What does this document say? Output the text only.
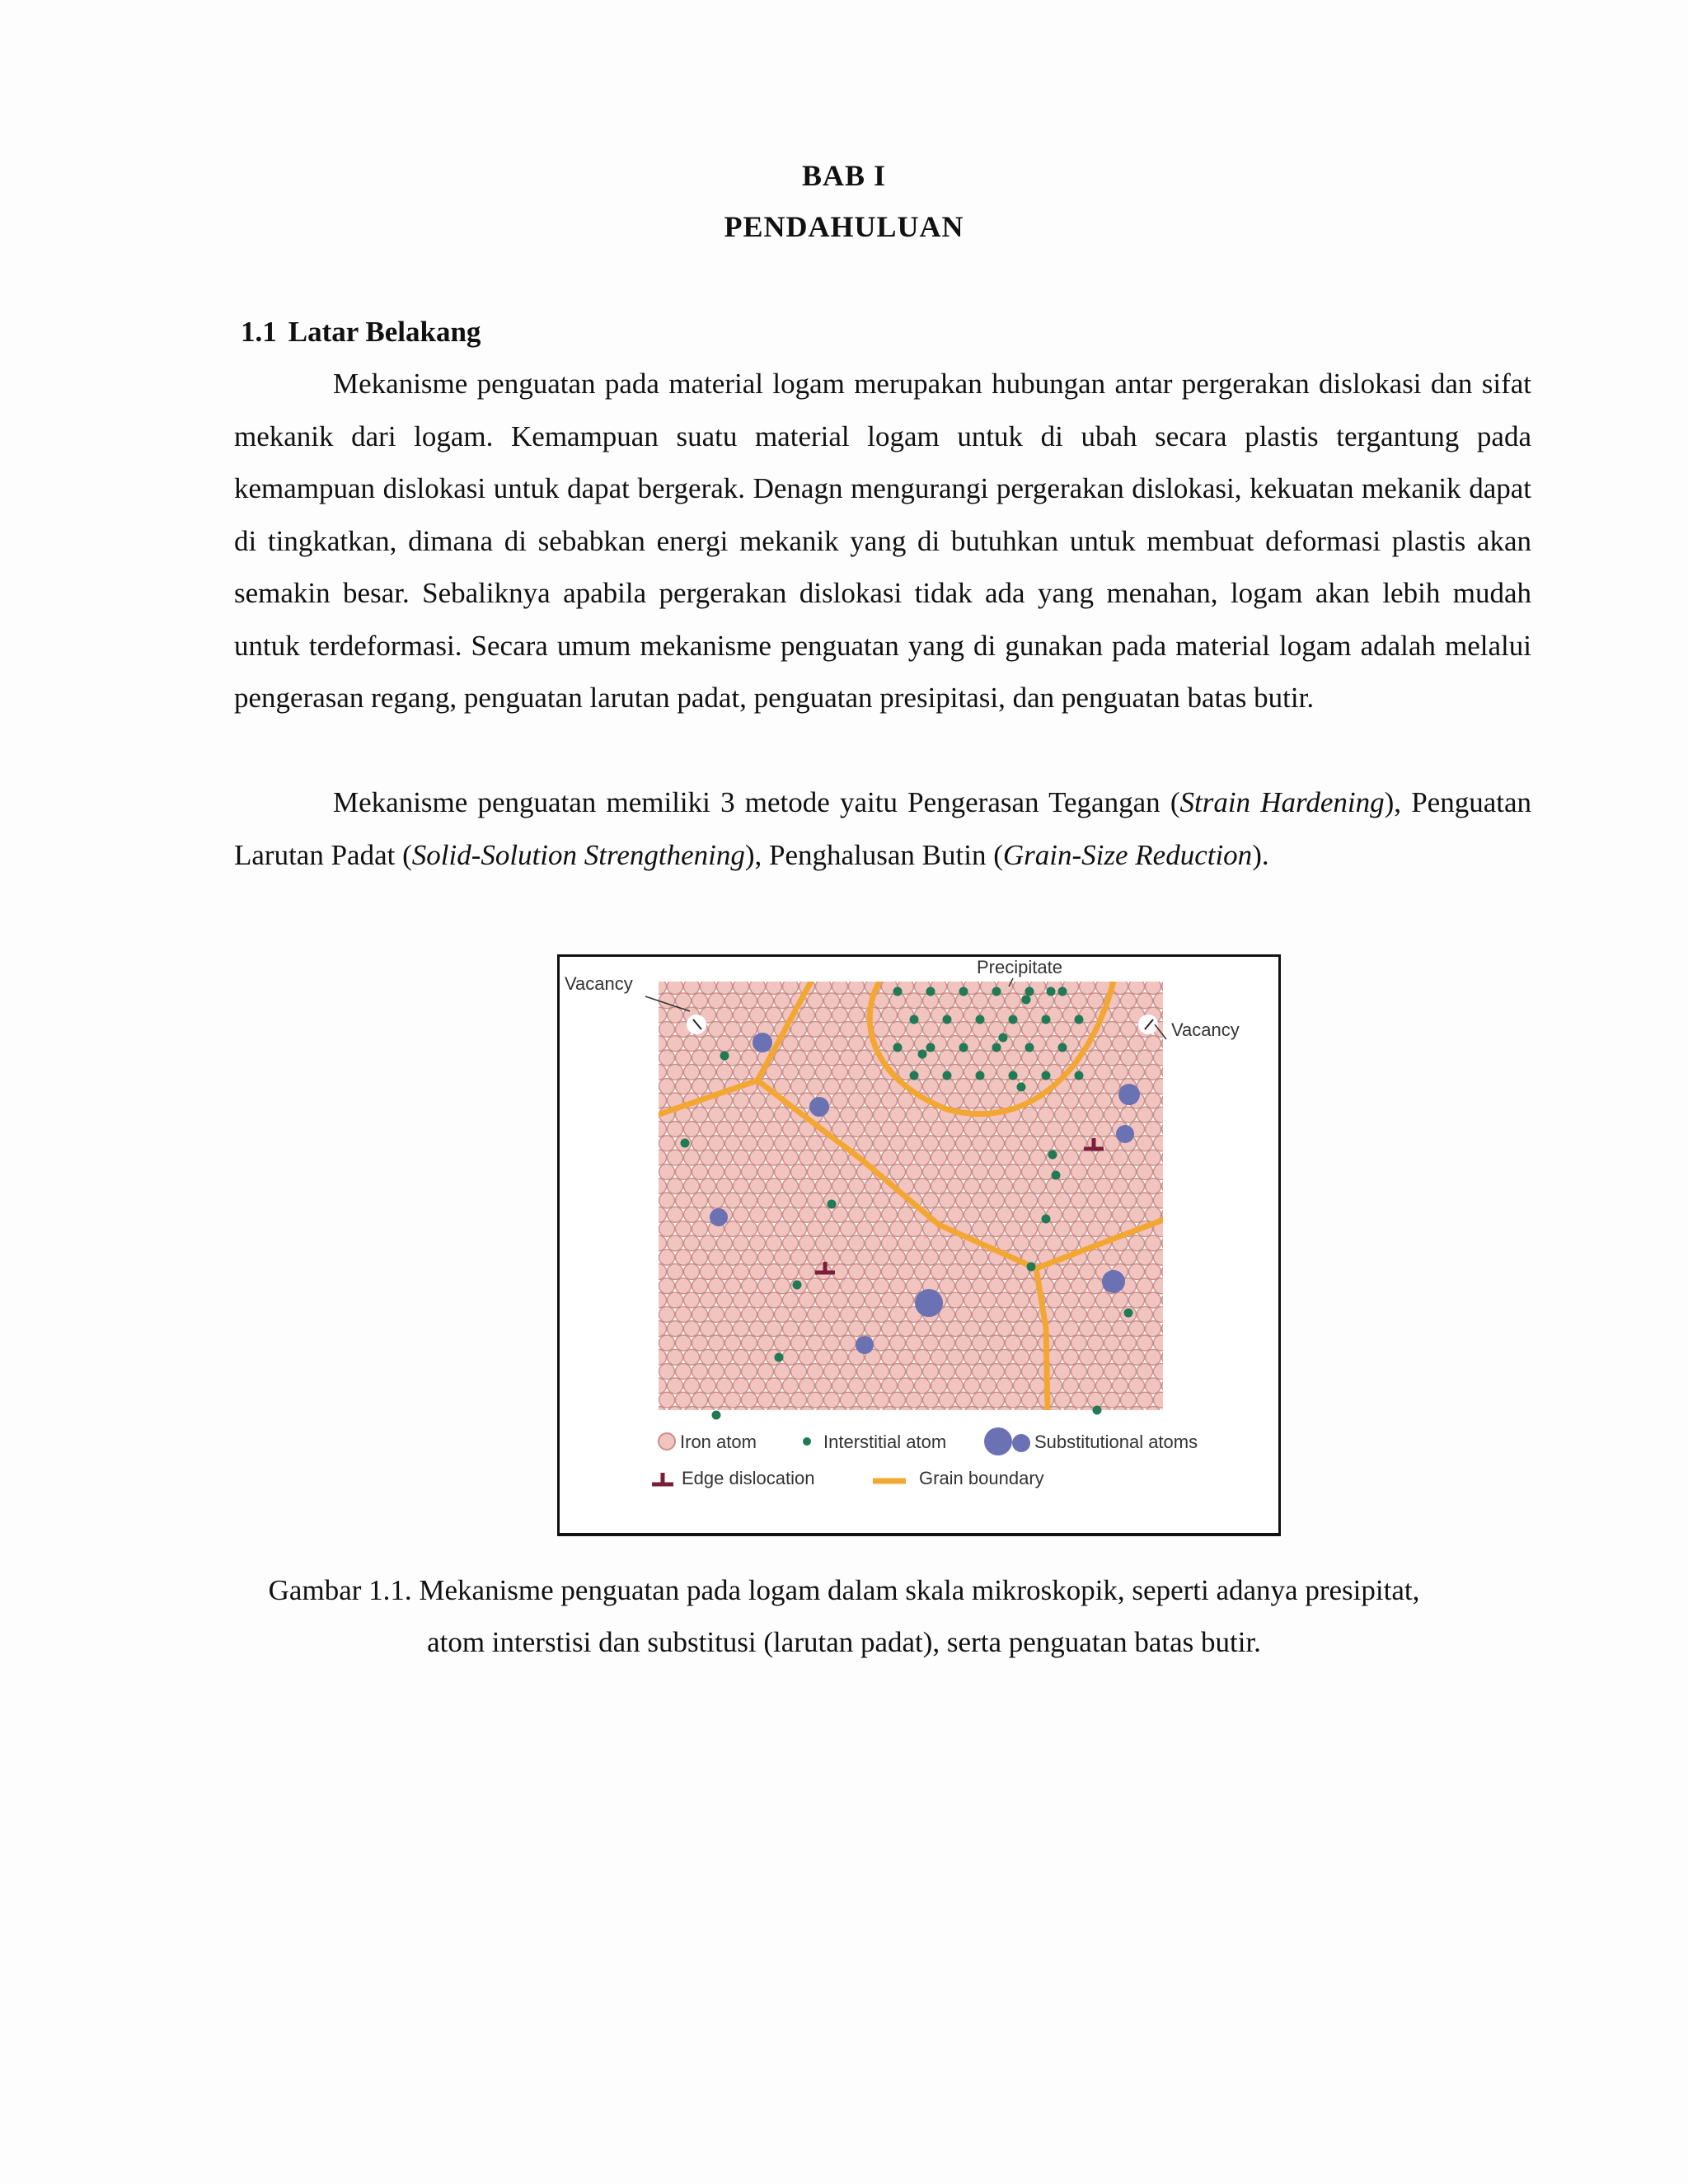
BAB I
PENDAHULUAN
1.1 Latar Belakang

Mekanisme penguatan pada material logam merupakan hubungan antar pergerakan dislokasi dan sifat mekanik dari logam. Kemampuan suatu material logam untuk di ubah secara plastis tergantung pada kemampuan dislokasi untuk dapat bergerak. Denagn mengurangi pergerakan dislokasi, kekuatan mekanik dapat di tingkatkan, dimana di sebabkan energi mekanik yang di butuhkan untuk membuat deformasi plastis akan semakin besar. Sebaliknya apabila pergerakan dislokasi tidak ada yang menahan, logam akan lebih mudah untuk terdeformasi. Secara umum mekanisme penguatan yang di gunakan pada material logam adalah melalui pengerasan regang, penguatan larutan padat, penguatan presipitasi, dan penguatan batas butir.

Mekanisme penguatan memiliki 3 metode yaitu Pengerasan Tegangan (Strain Hardening), Penguatan Larutan Padat (Solid-Solution Strengthening), Penghalusan Butin (Grain-Size Reduction).

Precipitate
Vacancy
Vacancy
Iron atom	Interstitial atom	Substitutional atoms
Edge dislocation	Grain boundary

Gambar 1.1. Mekanisme penguatan pada logam dalam skala mikroskopik, seperti adanya presipitat,

atom interstisi dan substitusi (larutan padat), serta penguatan batas butir.
